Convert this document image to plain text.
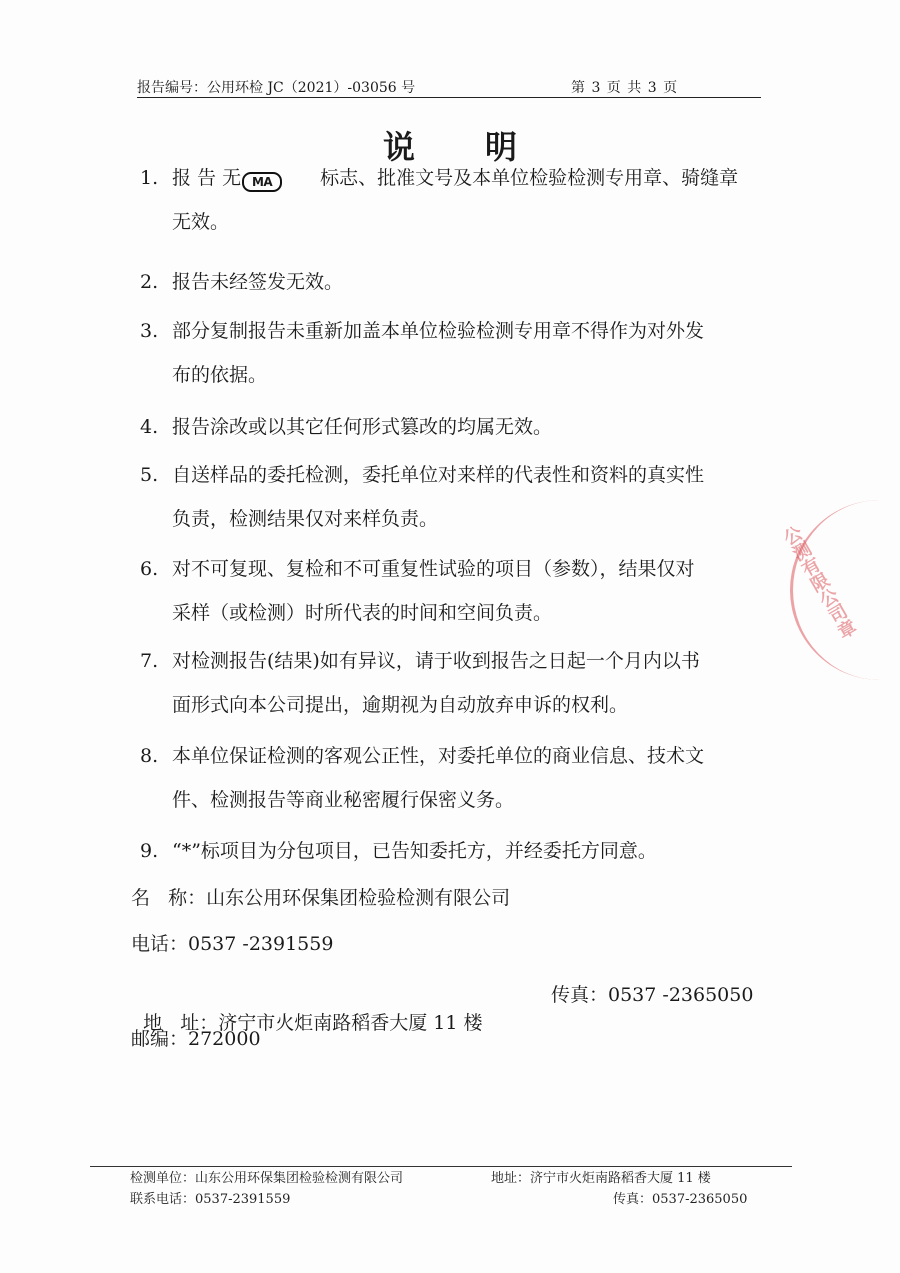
报告编号：公用环检 JC（2021）-03056 号	第 3 页 共 3 页
说明
1. 报 告 无 MA	标志、批准文号及本单位检验检测专用章、骑缝章
无效。
2. 报告未经签发无效。
3. 部分复制报告未重新加盖本单位检验检测专用章不得作为对外发
布的依据。
4. 报告涂改或以其它任何形式篡改的均属无效。
5. 自送样品的委托检测，委托单位对来样的代表性和资料的真实性
负责，检测结果仅对来样负责。
6. 对不可复现、复检和不可重复性试验的项目（参数），结果仅对
采样（或检测）时所代表的时间和空间负责。
7. 对检测报告(结果)如有异议，请于收到报告之日起一个月内以书
面形式向本公司提出，逾期视为自动放弃申诉的权利。
8. 本单位保证检测的客观公正性，对委托单位的商业信息、技术文
件、检测报告等商业秘密履行保密义务。
9. “*”标项目为分包项目，已告知委托方，并经委托方同意。
名   称：山东公用环保集团检验检测有限公司
电话：0537 -2391559

地   址：济宁市火炬南路稻香大厦 11 楼

传真：0537 -2365050

邮编：272000
公测有限公司章
检测单位：山东公用环保集团检验检测有限公司	地址：济宁市火炬南路稻香大厦 11 楼
联系电话：0537-2391559	传真：0537-2365050
